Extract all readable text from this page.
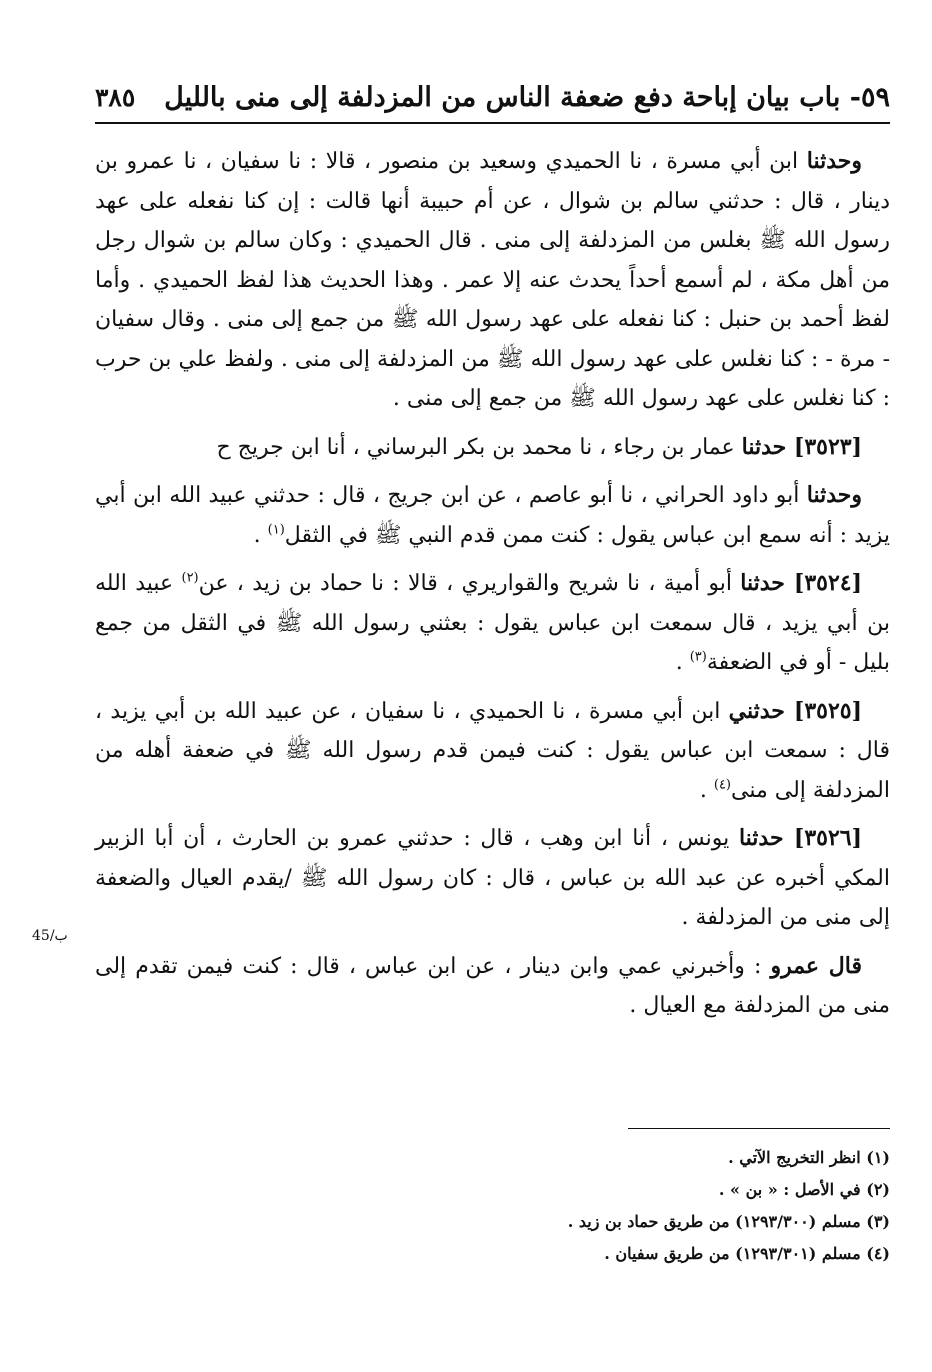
٥٩- باب بيان إباحة دفع ضعفة الناس من المزدلفة إلى منى بالليل
٣٨٥

وحدثنا ابن أبي مسرة ، نا الحميدي وسعيد بن منصور ، قالا : نا سفيان ، نا عمرو بن دينار ، قال : حدثني سالم بن شوال ، عن أم حبيبة أنها قالت : إن كنا نفعله على عهد رسول الله ﷺ بغلس من المزدلفة إلى منى . قال الحميدي : وكان سالم بن شوال رجل من أهل مكة ، لم أسمع أحداً يحدث عنه إلا عمر . وهذا الحديث هذا لفظ الحميدي . وأما لفظ أحمد بن حنبل : كنا نفعله على عهد رسول الله ﷺ من جمع إلى منى . وقال سفيان - مرة - : كنا نغلس على عهد رسول الله ﷺ من المزدلفة إلى منى . ولفظ علي بن حرب : كنا نغلس على عهد رسول الله ﷺ من جمع إلى منى .

[٣٥٢٣] حدثنا عمار بن رجاء ، نا محمد بن بكر البرساني ، أنا ابن جريج ح

وحدثنا أبو داود الحراني ، نا أبو عاصم ، عن ابن جريج ، قال : حدثني عبيد الله ابن أبي يزيد : أنه سمع ابن عباس يقول : كنت ممن قدم النبي ﷺ في الثقل$^{(١)}$ .

[٣٥٢٤] حدثنا أبو أمية ، نا شريح والقواريري ، قالا : نا حماد بن زيد ، عن$^{(٢)}$ عبيد الله بن أبي يزيد ، قال سمعت ابن عباس يقول : بعثني رسول الله ﷺ في الثقل من جمع بليل - أو في الضعفة$^{(٣)}$ .

[٣٥٢٥] حدثني ابن أبي مسرة ، نا الحميدي ، نا سفيان ، عن عبيد الله بن أبي يزيد ، قال : سمعت ابن عباس يقول : كنت فيمن قدم رسول الله ﷺ في ضعفة أهله من المزدلفة إلى منى$^{(٤)}$ .

[٣٥٢٦] حدثنا يونس ، أنا ابن وهب ، قال : حدثني عمرو بن الحارث ، أن أبا الزبير المكي أخبره عن عبد الله بن عباس ، قال : كان رسول الله ﷺ /يقدم العيال والضعفة إلى منى من المزدلفة .

قال عمرو : وأخبرني عمي وابن دينار ، عن ابن عباس ، قال : كنت فيمن تقدم إلى منى من المزدلفة مع العيال .

45/ب

(١) انظر التخريج الآتي .

(٢) في الأصل : « بن » .

(٣) مسلم (١٢٩٣/٣٠٠) من طريق حماد بن زيد .

(٤) مسلم (١٢٩٣/٣٠١) من طريق سفيان .
